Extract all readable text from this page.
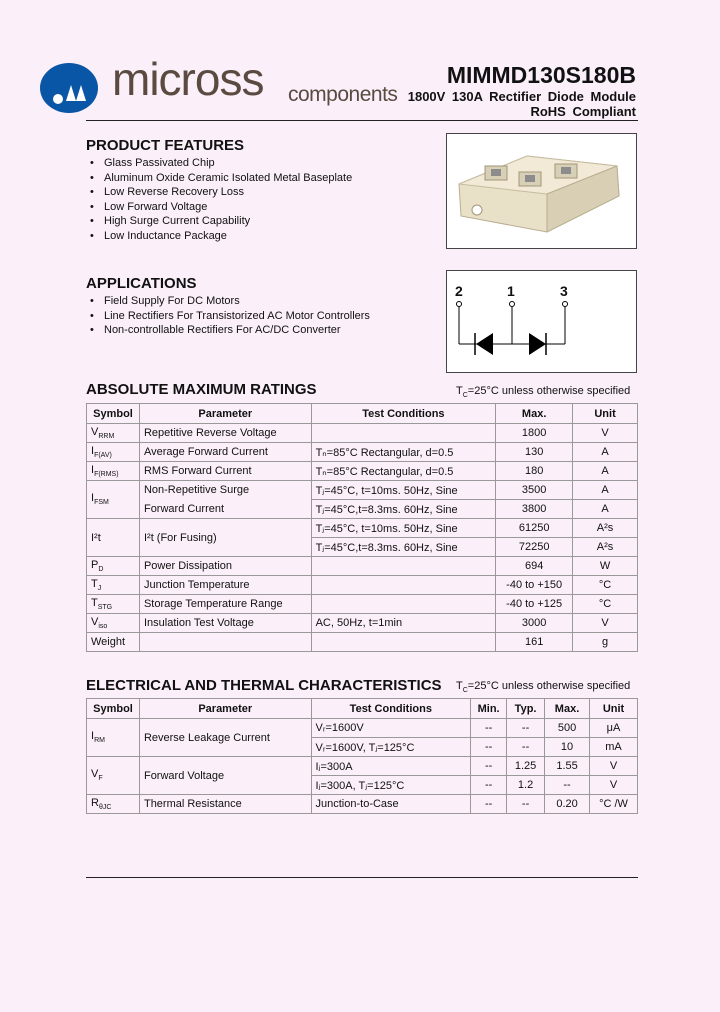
micross components
MIMMD130S180B
1800V 130A Rectifier Diode Module
RoHS Compliant
PRODUCT FEATURES
• Glass Passivated Chip
• Aluminum Oxide Ceramic Isolated Metal Baseplate
• Low Reverse Recovery Loss
• Low Forward Voltage
• High Surge Current Capability
• Low Inductance Package
APPLICATIONS
• Field Supply For DC Motors
• Line Rectifiers For Transistorized AC Motor Controllers
• Non-controllable Rectifiers For AC/DC Converter
2	1	3
ABSOLUTE MAXIMUM RATINGS	$T_C=25^\circ C$ unless otherwise specified
Symbol	Parameter	Test Conditions	Max.	Unit
$V_{RRM}$	Repetitive Reverse Voltage		1800	V
$I_{F(AV)}$	Average Forward Current	Tₙ=85°C Rectangular, d=0.5	130	A
$I_{F(RMS)}$	RMS Forward Current	Tₙ=85°C Rectangular, d=0.5	180	A
$I_{FSM}$	Non-Repetitive Surge	Tⱼ=45°C, t=10ms. 50Hz, Sine	3500	A
	Forward Current	Tⱼ=45°C,t=8.3ms. 60Hz, Sine	3800	A
I²t	I²t (For Fusing)	Tⱼ=45°C, t=10ms. 50Hz, Sine	61250	A²s
		Tⱼ=45°C,t=8.3ms. 60Hz, Sine	72250	A²s
$P_D$	Power Dissipation		694	W
$T_J$	Junction Temperature		-40 to +150	°C
$T_{STG}$	Storage Temperature Range		-40 to +125	°C
$V_{iso}$	Insulation Test Voltage	AC, 50Hz, t=1min	3000	V
Weight			161	g
ELECTRICAL AND THERMAL CHARACTERISTICS $T_C=25^\circ C$ unless otherwise specified
Symbol	Parameter	Test Conditions	Min.	Typ.	Max.	Unit
$I_{RM}$	Reverse Leakage Current	Vᵣ=1600V	--	--	500	μA
		Vᵣ=1600V, Tⱼ=125°C	--	--	10	mA
$V_F$	Forward Voltage	Iⱼ=300A	--	1.25	1.55	V
		Iⱼ=300A, Tⱼ=125°C	--	1.2	--	V
$R_{\theta JC}$	Thermal Resistance	Junction-to-Case	--	--	0.20	°C /W
